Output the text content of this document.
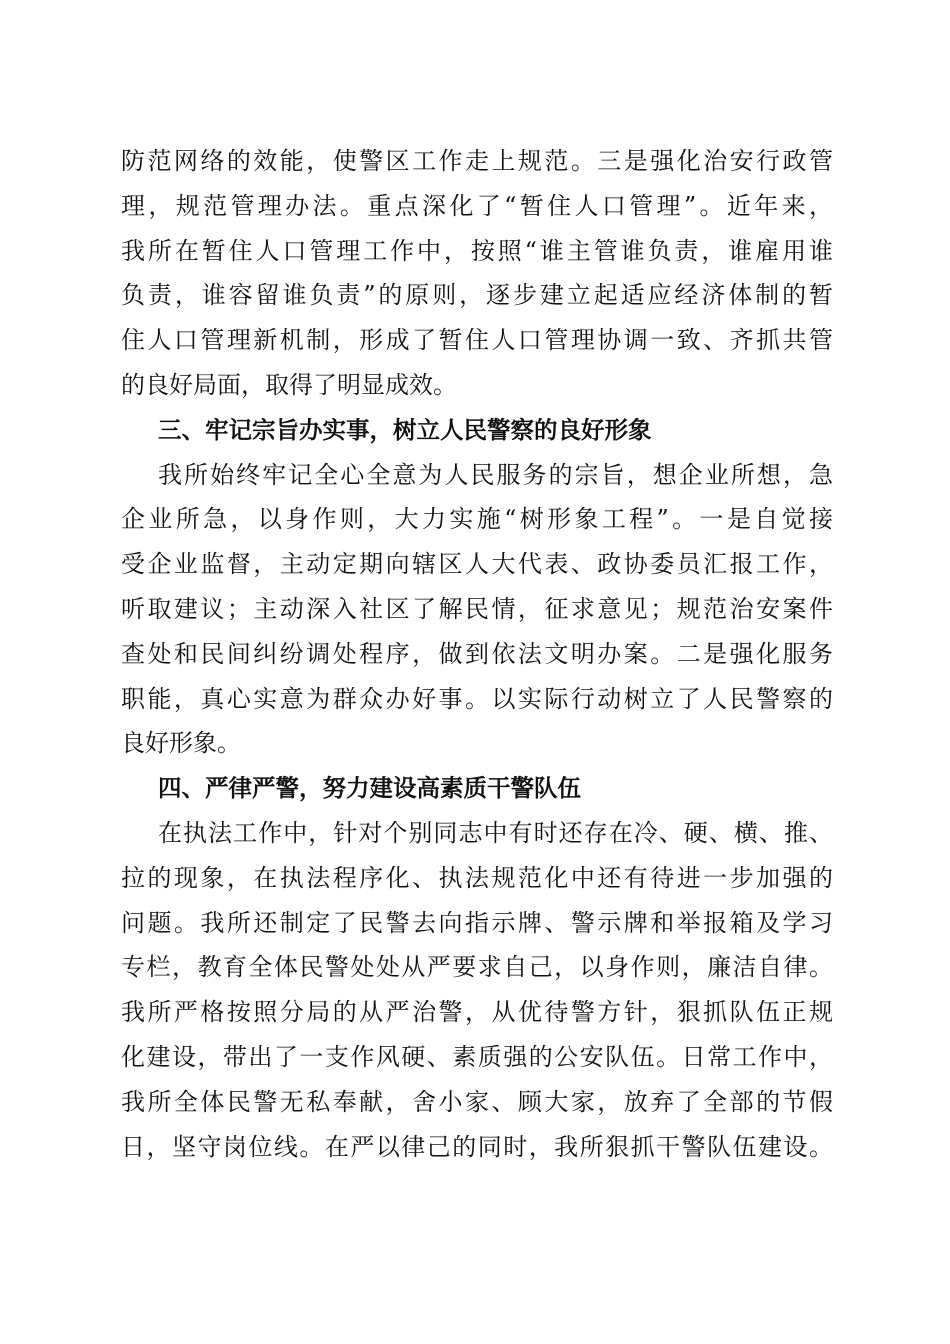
防范网络的效能，使警区工作走上规范。三是强化治安行政管
理，规范管理办法。重点深化了“暂住人口管理”。近年来，
我所在暂住人口管理工作中，按照“谁主管谁负责，谁雇用谁
负责，谁容留谁负责”的原则，逐步建立起适应经济体制的暂
住人口管理新机制，形成了暂住人口管理协调一致、齐抓共管
的良好局面，取得了明显成效。
三、牢记宗旨办实事，树立人民警察的良好形象
我所始终牢记全心全意为人民服务的宗旨，想企业所想，急
企业所急，以身作则，大力实施“树形象工程”。一是自觉接
受企业监督，主动定期向辖区人大代表、政协委员汇报工作，
听取建议；主动深入社区了解民情，征求意见；规范治安案件
查处和民间纠纷调处程序，做到依法文明办案。二是强化服务
职能，真心实意为群众办好事。以实际行动树立了人民警察的
良好形象。
四、严律严警，努力建设高素质干警队伍
在执法工作中，针对个别同志中有时还存在冷、硬、横、推、
拉的现象，在执法程序化、执法规范化中还有待进一步加强的
问题。我所还制定了民警去向指示牌、警示牌和举报箱及学习
专栏，教育全体民警处处从严要求自己，以身作则，廉洁自律。
我所严格按照分局的从严治警，从优待警方针，狠抓队伍正规
化建设，带出了一支作风硬、素质强的公安队伍。日常工作中，
我所全体民警无私奉献，舍小家、顾大家，放弃了全部的节假
日，坚守岗位线。在严以律己的同时，我所狠抓干警队伍建设。
